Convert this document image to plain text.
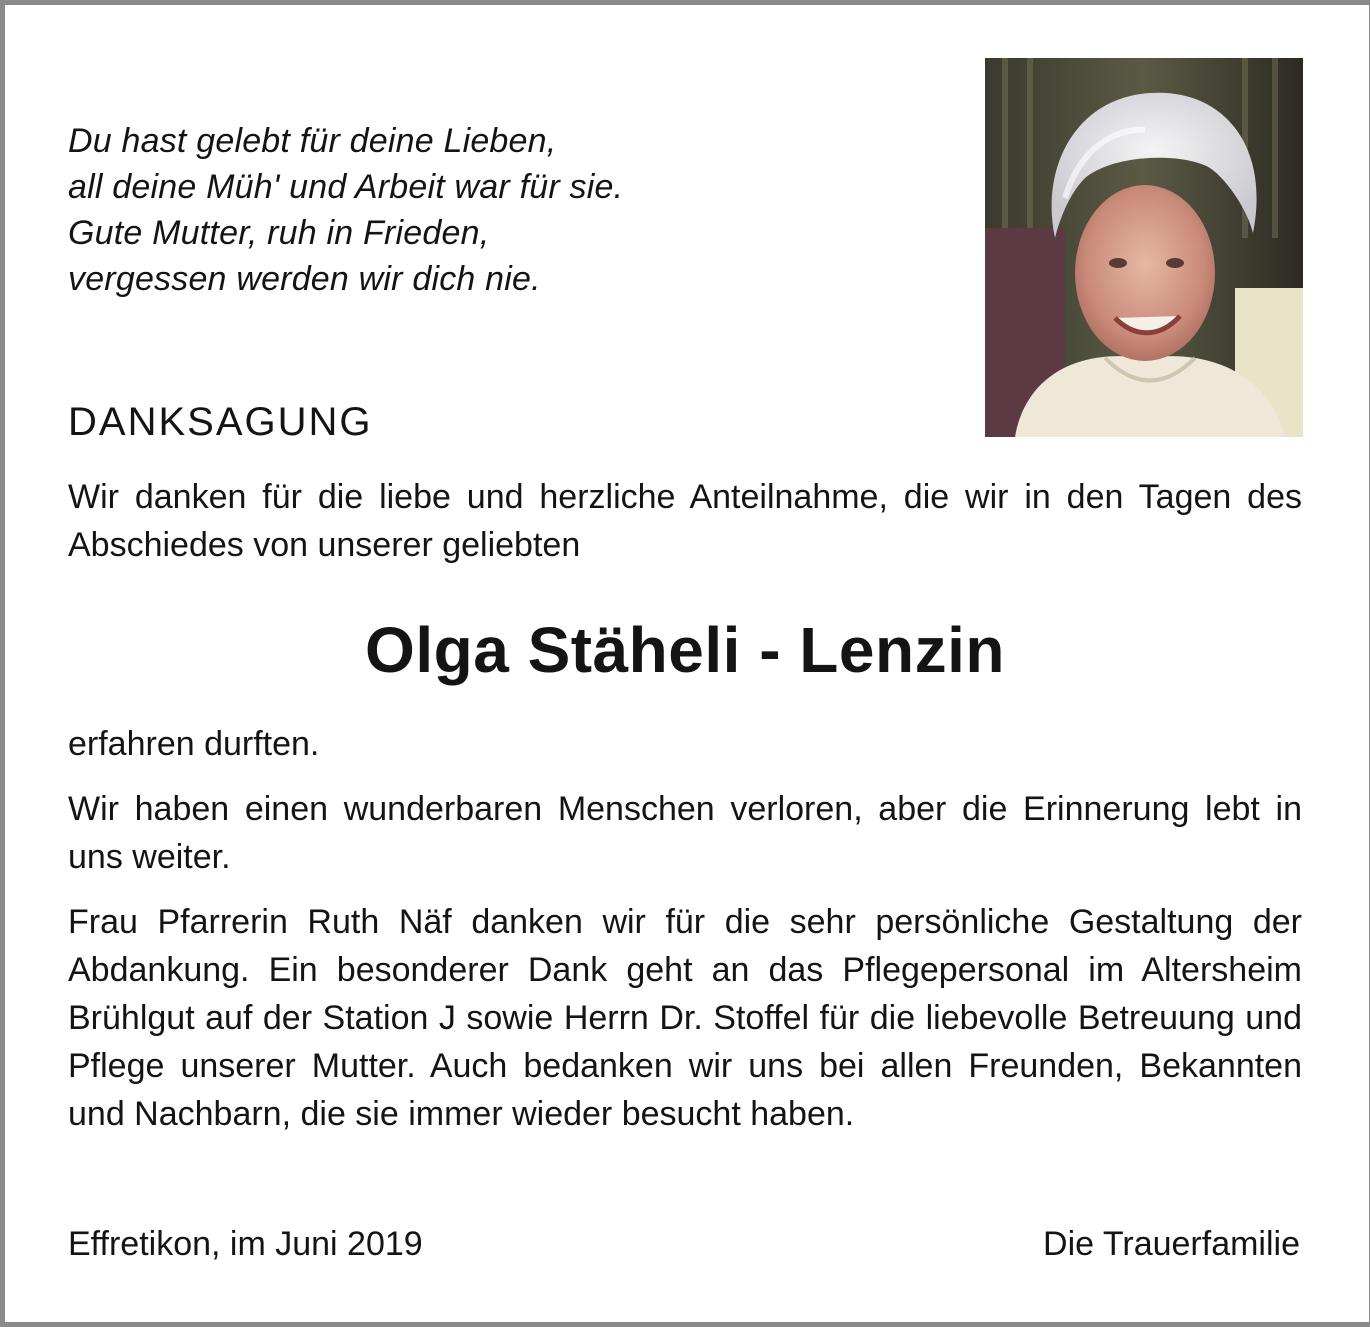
Du hast gelebt für deine Lieben,
all deine Müh' und Arbeit war für sie.
Gute Mutter, ruh in Frieden,
vergessen werden wir dich nie.
DANKSAGUNG
Wir danken für die liebe und herzliche Anteilnahme, die wir in den Tagen des Abschiedes von unserer geliebten
Olga Stäheli - Lenzin
erfahren durften.
Wir haben einen wunderbaren Menschen verloren, aber die Erinnerung lebt in uns weiter.
Frau Pfarrerin Ruth Näf danken wir für die sehr persönliche Gestaltung der Abdankung. Ein besonderer Dank geht an das Pflegepersonal im Altersheim Brühlgut auf der Station J sowie Herrn Dr. Stoffel für die liebevolle Betreuung und Pflege unserer Mutter. Auch bedanken wir uns bei allen Freunden, Bekannten und Nachbarn, die sie immer wieder besucht haben.
Effretikon, im Juni 2019	Die Trauerfamilie
